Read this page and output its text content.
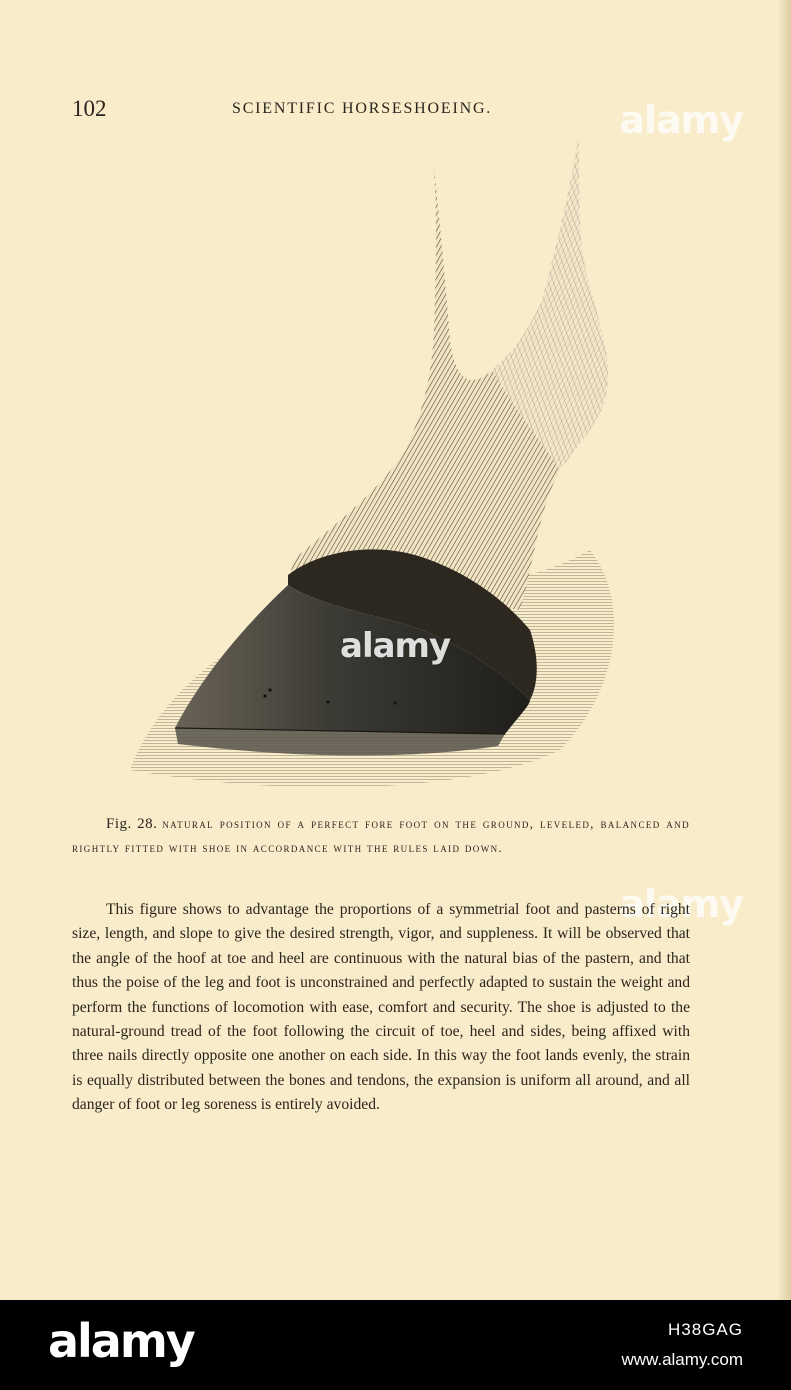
102	SCIENTIFIC HORSESHOEING.	alamy
alamy
alamy
Fig. 28. natural position of a perfect fore foot on the ground, leveled, balanced and rightly fitted with shoe in accordance with the rules laid down.

This figure shows to advantage the proportions of a symmetrial foot and pasterns of right size, length, and slope to give the desired strength, vigor, and suppleness. It will be observed that the angle of the hoof at toe and heel are continuous with the natural bias of the pastern, and that thus the poise of the leg and foot is unconstrained and perfectly adapted to sustain the weight and perform the functions of locomotion with ease, comfort and security. The shoe is adjusted to the natural-ground tread of the foot following the circuit of toe, heel and sides, being affixed with three nails directly opposite one another on each side. In this way the foot lands evenly, the strain is equally distributed between the bones and tendons, the expansion is uniform all around, and all danger of foot or leg soreness is entirely avoided.

alamy	H38GAG
www.alamy.com
